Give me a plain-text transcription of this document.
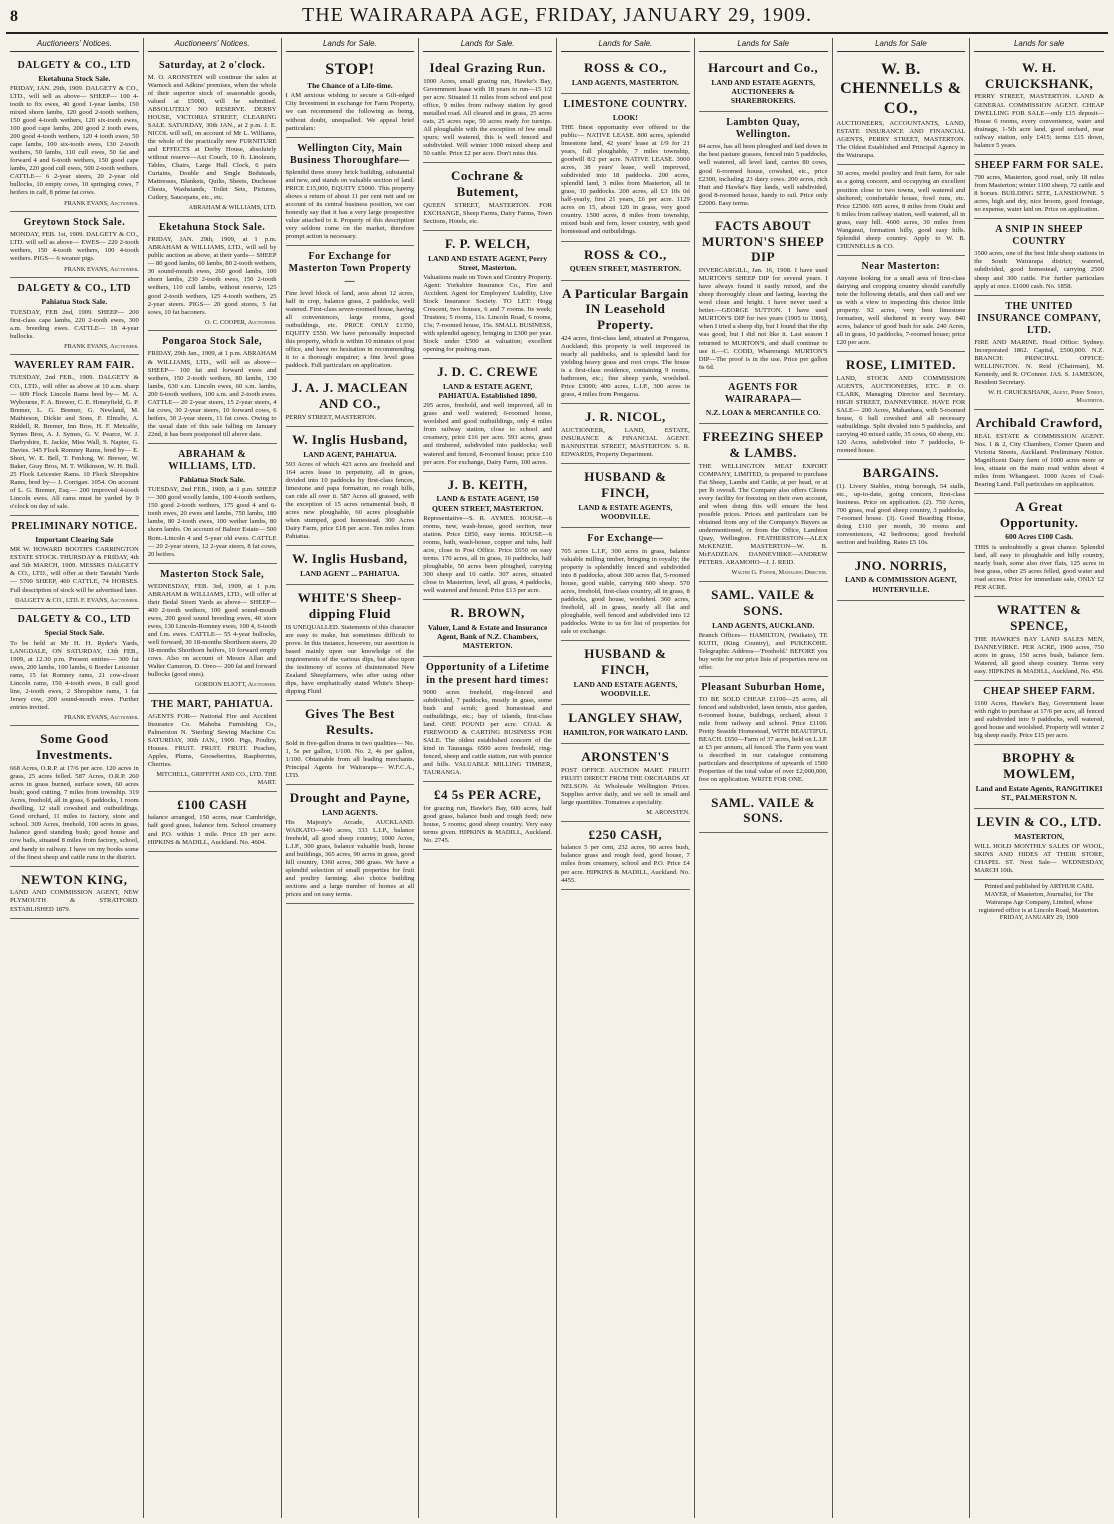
8	THE WAIRARAPA AGE, FRIDAY, JANUARY 29, 1909.
Auctioneers' Notices.
DALGETY & CO., LTD
Eketahuna Stock Sale.
FRIDAY, JAN. 29th, 1909. DALGETY & CO., LTD., will sell as above— SHEEP— 100 4-tooth to fix ewes, 40 good 1-year lambs, 150 mixed shorn lambs, 120 good 2-tooth wethers, 150 good 4-tooth wethers, 120 six-tooth ewes, 100 good cape lambs, 200 good 2 tooth ewes, 200 good 4-tooth wethers, 120 4 tooth ewes, 50 cape lambs, 100 six-tooth ewes, 130 2-tooth wethers, 50 lambs, 110 cull ewes, 50 fat and forward 4 and 6-tooth wethers, 150 good cape lambs, 220 good cull ewes, 500 2-tooth wethers. CATTLE— 6 2-year steers, 20 2-year old bullocks, 10 empty cows, 10 springing cows, 7 heifers in calf, 8 prime fat cows.
FRANK EVANS, Auctioneer.
Greytown Stock Sale.
MONDAY, FEB. 1st, 1909. DALGETY & CO., LTD. will sell as above— EWES— 220 2-tooth wethers, 150 4-tooth wethers, 100 4-tooth wethers. PIGS— 6 weaner pigs.
FRANK EVANS, Auctioneer.
DALGETY & CO., LTD
Pahiatua Stock Sale.
TUESDAY, FEB 2nd, 1909. SHEEP— 200 first-class cape lambs, 220 2-tooth ewes, 300 a.m. breeding ewes. CATTLE— 18 4-year bullocks.
FRANK EVANS, Auctioneer.
WAVERLEY RAM FAIR.
TUESDAY, 2nd FEB., 1909. DALGETY & CO., LTD., will offer as above at 10 a.m. sharp— 609 Flock Lincoln Rams bred by— M. A. Wybourne, F. A. Brewer, C. E. Honeyfield, G. P. Bremer, L. G. Bremer, G. Newland, M. Mathieson, Dickie and Sons, F. Elmslie, A. Riddell, R. Bremer, Inn Bros, H. F. Metcalfe, Symes Bros, A. J. Symes, G. V. Pearce, W. J. Darbyshire, E. Jackie, Miss Wall, S. Napier, G. Davies. 345 Flock Romney Rams, bred by— E. Short, W. E. Bell, T. Fenlong, W. Brewer, W. Baker, Gray Bros, M. T. Wilkinson, W. H. Bull. 25 Flock Leicester Rams. 10 Flock Shropshire Rams, bred by— J. Corrigan. 1054. On account of L. G. Bremer, Esq.— 200 improved 4-tooth Lincoln ewes. All rams must be yarded by 9 o'clock on day of sale.
PRELIMINARY NOTICE.
Important Clearing Sale
MR W. HOWARD BOOTH'S CARRINGTON ESTATE STOCK. THURSDAY & FRIDAY, 4th and 5th MARCH, 1909. MESSRS DALGETY & CO., LTD., will offer at their Taratahi Yards— 5700 SHEEP, 460 CATTLE, 74 HORSES. Full description of stock will be advertised later.
DALGETY & CO., LTD. F. EVANS, Auctioneer.
DALGETY & CO., LTD
Special Stock Sale.
To be held at Mr H. H. Ryder's Yards, LANGDALE, ON SATURDAY, 13th FEB., 1909, at 12.30 p.m. Present entries— 300 fat ewes, 200 lambs, 100 lambs, 6 Border Leicester rams, 15 fat Romney rams, 21 cow-closer Lincoln rams, 150 4-tooth ewes, 8 cull good line, 2-tooth ewes, 2 Shropshire rams, 1 fat Jersey cow, 200 sound-mouth ewes. Further entries invited.
FRANK EVANS, Auctioneer.
Some Good Investments.
668 Acres, O.R.P. at 17/6 per acre. 120 acres in grass, 25 acres felled. 587 Acres, O.R.P. 260 acres in grass burned, surface sown, 60 acres bush; good cutting, 7 miles from township. 319 Acres, freehold, all in grass, 6 paddocks, 1 room dwelling, 12 stall cowshed and outbuildings. Good orchard, 11 miles to factory, store and school. 309 Acres, freehold, 100 acres in grass, balance good standing bush; good house and cow bails, situated 8 miles from factory, school, and handy to railway. I have on my books some of the finest sheep and cattle runs in the district.
NEWTON KING,
LAND AND COMMISSION AGENT, NEW PLYMOUTH & STRATFORD. ESTABLISHED 1879.
Auctioneers' Notices.
Saturday, at 2 o'clock.
M. O. ARONSTEN will continue the sales at Warnock and Adkins' premises, when the whole of their superior stock of seasonable goods, valued at £5000, will be submitted. ABSOLUTELY NO RESERVE. DERBY HOUSE, VICTORIA STREET, CLEARING SALE. SATURDAY, 30th JAN., at 2 p.m. J. E. NICOL will sell, on account of Mr L. Williams, the whole of the practically new FURNITURE and EFFECTS at Derby House, absolutely without reserve—Axt Couch, 10 ft. Linoleum, Tables, Chairs, Large Hall Clock, 6 pairs Curtains, Double and Single Bedsteads, Mattresses, Blankets, Quilts, Sheets, Duchesse Chests, Washstands, Toilet Sets, Pictures, Cutlery, Saucepans, etc., etc.
ABRAHAM & WILLIAMS, LTD.
Eketahuna Stock Sale.
FRIDAY, JAN. 29th, 1909, at 1 p.m. ABRAHAM & WILLIAMS, LTD., will sell by public auction as above, at their yards— SHEEP— 80 good lambs, 60 lambs, 80 2-tooth wethers, 30 sound-mouth ewes, 260 good lambs, 100 shorn lambs, 230 2-tooth ewes, 150 2-tooth wethers, 110 cull lambs, without reserve, 125 good 2-tooth wethers, 125 4-tooth wethers, 25 2-year steers. PIGS— 20 good stores, 5 fat sows, 10 fat baconers.
O. C. COOPER, Auctioneer.
Pongaroa Stock Sale,
FRIDAY, 29th Jan., 1909, at 1 p.m. ABRAHAM & WILLIAMS, LTD., will sell as above— SHEEP— 100 fat and forward ewes and wethers, 150 2-tooth wethers, 80 lambs, 130 lambs, 630 s.m. Lincoln ewes, 60 s.m. lambs, 200 6-tooth wethers, 100 s.m. and 2-tooth ewes. CATTLE— 20 2-year steers, 15 2-year steers, 4 fat cows, 30 2-year steers, 10 forward cows, 6 heifers, 30 2-year steers, 11 fat cows. Owing to the usual date of this sale falling on January 22nd, it has been postponed till above date.
ABRAHAM & WILLIAMS, LTD.
Pahiatua Stock Sale.
TUESDAY, 2nd FEB., 1909, at 1 p.m. SHEEP— 300 good woolly lambs, 100 4-tooth wethers, 150 good 2-tooth wethers, 175 good 4 and 6-tooth ewes, 20 ewes and lambs, 750 lambs, 180 lambs, 80 2-tooth ewes, 100 wether lambs, 80 shorn lambs. On account of Balnor Estate— 500 Rom.-Lincoln 4 and 5-year old ewes. CATTLE— 20 2-year steers, 12 2-year steers, 8 fat cows, 20 heifers.
Masterton Stock Sale,
WEDNESDAY, FEB. 3rd, 1909, at 1 p.m. ABRAHAM & WILLIAMS, LTD., will offer at their Bedal Street Yards as above— SHEEP— 400 2-tooth wethers, 100 good sound-mouth ewes, 200 good sound breeding ewes, 40 store ewes, 130 Lincoln-Romney ewes, 100 4, 6-tooth and f.m. ewes. CATTLE— 55 4-year bullocks, well forward, 30 18-months Shorthorn steers, 20 18-months Shorthorn heifers, 10 forward empty cows. Also on account of Messrs Allan and Walter Cameron, D. Oreo— 200 fat and forward bullocks (good ones).
GORDON ELIOTT, Auctioneer.
THE MART, PAHIATUA.
AGENTS FOR— National Fire and Accident Insurance Co. Mahoba Furnishing Co., Palmerston N. 'Sterling' Sewing Machine Co. SATURDAY, 30th JAN., 1909. Pigs, Poultry, Houses. FRUIT. FRUIT. FRUIT. Peaches, Apples, Plums, Gooseberries, Raspberries, Cherries.
MITCHELL, GRIFFITH AND CO., LTD. THE MART.
£100 CASH
balance arranged, 150 acres, near Cambridge, half good grass, balance fern. School creamery and P.O. within 1 mile. Price £9 per acre. HIPKINS & MADILL, Auckland. No. 4604.
Lands for Sale.
STOP!
The Chance of a Life-time.
I AM anxious wishing to secure a Gilt-edged City Investment in exchange for Farm Property, we can recommend the following as being, without doubt, unequalled. We appeal brief particulars:
Wellington City, Main Business Thoroughfare—
Splendid three storey brick building, substantial and new, and stands on valuable section of land. PRICE £15,000, EQUITY £5000. This property shows a return of about 11 per cent nett and on account of its central business position, we can honestly say that it has a very large prospective value attached to it. Property of this description very seldom come on the market, therefore prompt action is necessary.
For Exchange for Masterton Town Property—
Fine level block of land, area about 12 acres, half in crop, balance grass, 2 paddocks, well watered. First-class seven-roomed house, having all conveniences, large rooms, good outbuildings, etc. PRICE ONLY £1350, EQUITY £550. We have personally inspected this property, which is within 10 minutes of post office, and have no hesitation in recommending it to a thorough enquirer; a fine level grass paddock. Full particulars on application.
J. A. J. MACLEAN AND CO.,
PERRY STREET, MASTERTON.
W. Inglis Husband,
LAND AGENT, PAHIATUA.
593 Acres of which 423 acres are freehold and 164 acres lease in perpetuity, all in grass, divided into 10 paddocks by first-class fences, limestone and papa formation, no rough hills, can ride all over it. 587 Acres all grassed, with the exception of 15 acres ornamental bush, 8 acres new ploughable, 60 acres ploughable when stumped, good homestead. 300 Acres Dairy Farm, price £18 per acre. Ten miles from Pahiatua.
W. Inglis Husband,
LAND AGENT ... PAHIATUA.
WHITE'S Sheep-dipping Fluid
IS UNEQUALLED. Statements of this character are easy to make, but sometimes difficult to prove. In this instance, however, our assertion is based mainly upon our knowledge of the requirements of the various dips, but also upon the testimony of scores of disinterested New Zealand Sheepfarmers, who after using other dips, have emphatically stated White's Sheep-dipping Fluid
Gives The Best Results.
Sold in five-gallon drums in two qualities— No. 1, 5s per gallon, 1/100. No. 2, 4s per gallon, 1/100. Obtainable from all leading merchants. Principal Agents for Wairarapa— W.F.C.A., LTD.
Drought and Payne,
LAND AGENTS.
His Majesty's Arcade, AUCKLAND. WAIKATO—940 acres, 333 L.I.P., balance freehold, all good sheep country, 1000 Acres, L.I.P., 300 grass, balance valuable bush, house and buildings, 365 acres, 90 acres in grass, good hill country, 1360 acres, 380 grass. We have a splendid selection of small properties for fruit and poultry farming; also choice building sections and a large number of homes at all prices and on easy terms.
Lands for Sale.
Ideal Grazing Run.
1000 Acres, small grazing run, Hawke's Bay, Government lease with 18 years to run—15 1/2 per acre. Situated 11 miles from school and post office, 9 miles from railway station by good metalled road. All cleared and in grass, 25 acres oats, 25 acres rape, 50 acres ready for turnips. All ploughable with the exception of few small spurs; well watered, this is well fenced and subdivided. Will winter 1000 mixed sheep and 50 cattle. Price £2 per acre. Don't miss this.
Cochrane & Butement,
QUEEN STREET, MASTERTON. FOR EXCHANGE, Sheep Farms, Dairy Farms, Town Sections, Hotels, etc.
F. P. WELCH,
LAND AND ESTATE AGENT, Perry Street, Masterton.
Valuations made on Town and Country Property. Agent: Yorkshire Insurance Co., Fire and Accident. Agent for Employers' Liability, Live Stock Insurance Society. TO LET: Hogg Crescent, two houses, 6 and 7 rooms. Its week; Trustees; 5 rooms, 11s. Lincoln Road, 6 rooms, 13s; 7-roomed house, 15s. SMALL BUSINESS, with splendid agency, bringing in £300 per year. Stock under £500 at valuation; excellent opening for pushing man.
J. D. C. CREWE
LAND & ESTATE AGENT, PAHIATUA. Established 1890.
295 acres, freehold, and well improved, all in grass and well watered; 6-roomed house, woolshed and good outbuildings, only 4 miles from railway station, close to school and creamery, price £16 per acre. 593 acres, grass and timbered, subdivided into paddocks; well watered and fenced, 8-roomed house; price £10 per acre. For exchange, Dairy Farm, 100 acres.
J. B. KEITH,
LAND & ESTATE AGENT, 150 QUEEN STREET, MASTERTON.
Representative—S. R. AYMES. HOUSE—6 rooms, new, wash-house, good section, near station. Price £850, easy terms. HOUSE—6 rooms, bath, wash-house, copper and tubs, half acre, close to Post Office. Price £650 on easy terms. 170 acres, all in grass, 16 paddocks, half ploughable, 50 acres been ploughed, carrying 300 sheep and 10 cattle. 307 acres, situated close to Masterton, level, all grass, 4 paddocks, well watered and fenced. Price £13 per acre.
R. BROWN,
Valuer, Land & Estate and Insurance Agent, Bank of N.Z. Chambers, MASTERTON.
Opportunity of a Lifetime in the present hard times:
9000 acres freehold, ring-fenced and subdivided, 7 paddocks, mostly in grass, some bush and scrub; good homestead and outbuildings, etc.; bay of islands, first-class land. ONE POUND per acre. COAL & FIREWOOD & CARTING BUSINESS FOR SALE. The oldest established concern of the kind in Taurauga. 6500 acres freehold, ring-fenced, sheep and cattle station, run with pumice and hills. VALUABLE MILLING TIMBER, TAURANGA.
£4 5s PER ACRE,
for grazing run, Hawke's Bay, 600 acres, half good grass, balance bush and rough feed; new house, 5 rooms; good sheep country. Very easy terms given. HIPKINS & MADILL, Auckland. No. 2745.
Lands for Sale.
ROSS & CO.,
LAND AGENTS, MASTERTON.
LIMESTONE COUNTRY.
LOOK!
THE finest opportunity ever offered to the public— NATIVE LEASE. 800 acres, splendid limestone land, 42 years' lease at 1/9 for 21 years, full ploughable, 7 miles township, goodwill 8/2 per acre. NATIVE LEASE. 3000 acres, 38 years' lease, well improved, subdivided into 18 paddocks. 200 acres, splendid land, 3 miles from Masterton, all in grass, 10 paddocks. 200 acres, all £3 10s 0d half-yearly, first 21 years, £6 per acre. 1129 acres on 15, about 120 in grass, very good country. 1500 acres, 8 miles from township, mixed bush and fern, lower country, with good homestead and outbuildings.
ROSS & CO.,
QUEEN STREET, MASTERTON.
A Particular Bargain IN Leasehold Property.
424 acres, first-class land, situated at Pongaroa, Auckland; this property is well improved in nearly all paddocks, and is splendid land for yielding heavy grass and root crops. The house is a first-class residence, containing 9 rooms, bathroom, etc.; fine sheep yards, woolshed. Price £3000; 400 acres, L.I.P., 300 acres in grass, 4 miles from Pongaroa.
J. R. NICOL,
AUCTIONEER, LAND, ESTATE, INSURANCE & FINANCIAL AGENT. BANNISTER STREET, MASTERTON. S. R. EDWARDS, Property Department.
HUSBAND & FINCH,
LAND & ESTATE AGENTS, WOODVILLE.
For Exchange—
705 acres L.I.P., 300 acres in grass, balance valuable milling timber, bringing in royalty; the property is splendidly fenced and subdivided into 8 paddocks, about 300 acres flat, 5-roomed house, good stable, carrying 600 sheep. 570 acres, freehold, first-class country, all in grass, 8 paddocks, good house, woolshed. 360 acres, freehold, all in grass, nearly all flat and ploughable, well fenced and subdivided into 12 paddocks. Write to us for list of properties for sale or exchange.
HUSBAND & FINCH,
LAND AND ESTATE AGENTS, WOODVILLE.
LANGLEY SHAW,
HAMILTON, FOR WAIKATO LAND.
ARONSTEN'S
POST OFFICE AUCTION MART. FRUIT! FRUIT! DIRECT FROM THE ORCHARDS AT NELSON. At Wholesale Wellington Prices. Supplies arrive daily, and we sell in small and large quantities. Tomatoes a speciality.
M. ARONSTEN.
£250 CASH,
balance 5 per cent, 232 acres, 90 acres bush, balance grass and rough feed, good house, 7 miles from creamery, school and P.O. Price £4 per acre. HIPKINS & MADILL, Auckland. No. 4455.
Lands for Sale
Harcourt and Co.,
LAND AND ESTATE AGENTS, AUCTIONEERS & SHAREBROKERS.
Lambton Quay, Wellington.
84 acres, has all been ploughed and laid down in the best pasture grasses, fenced into 5 paddocks, well watered, all level land, carries 80 cows, good 6-roomed house, cowshed, etc., price £2300, including 23 dairy cows. 200 acres, rich Hutt and Hawke's Bay lands, well subdivided, good 8-roomed house, handy to rail. Price only £2000. Easy terms.
FACTS ABOUT MURTON'S SHEEP DIP
INVERCARGILL, Jan. 16, 1908. I have used MURTON'S SHEEP DIP for several years. I have always found it easily mixed, and the sheep thoroughly clean and lasting, leaving the wool clean and bright. I have never used a better.—GEORGE SUTTON. I have used MURTON'S DIP for two years (1905 to 1906), when I tried a sheep dip, but I found that the dip was good, but I did not like it. Last season I returned to MURTON'S, and shall continue to use it.—C. CODD, Wharerangi. MURTON'S DIP—The proof is in the use. Price per gallon 6s 6d.
AGENTS FOR WAIRARAPA—
N.Z. LOAN & MERCANTILE CO.
FREEZING SHEEP & LAMBS.
THE WELLINGTON MEAT EXPORT COMPANY, LIMITED, is prepared to purchase Fat Sheep, Lambs and Cattle, at per head, or at per lb overall. The Company also offers Clients every facility for freezing on their own account, and when doing this will ensure the best possible prices. Prices and particulars can be obtained from any of the Company's Buyers as undermentioned, or from the Office, Lambton Quay, Wellington. FEATHERSTON—ALEX McKENZIE. MASTERTON—W. B. McFADZEAN. DANNEVIRKE—ANDREW PETERS. ARAMOHO—J. J. REID.
Walter G. Foster, Managing Director.
SAML. VAILE & SONS.
LAND AGENTS, AUCKLAND.
Branch Offices— HAMILTON, (Waikato), TE KUITI, (King Country), and PUKEKOHE. Telegraphic Address—'Freehold.' BEFORE you buy write for our price lists of properties now on offer.
Pleasant Suburban Home,
TO BE SOLD CHEAP. £1100—25 acres, all fenced and subdivided, lawn tennis, nice garden, 6-roomed house, buildings, orchard, about 1 mile from railway and school. Price £1100. Pretty Seaside Homestead, WITH BEAUTIFUL BEACH. £650—Farm of 37 acres, held on L.I.P. at £3 per annum, all fenced. The Farm you want is described in our catalogue containing particulars and descriptions of upwards of 1500 Properties of the total value of over £2,000,000, free on application. WRITE FOR ONE.
SAML. VAILE & SONS.
Lands for Sale
W. B. CHENNELLS & CO.,
AUCTIONEERS, ACCOUNTANTS, LAND, ESTATE INSURANCE AND FINANCIAL AGENTS, PERRY STREET, MASTERTON. The Oldest Established and Principal Agency in the Wairarapa.
30 acres, model poultry and fruit farm, for sale as a going concern, and occupying an excellent position close to two towns, well watered and sheltered; comfortable house, fowl runs, etc. Price £2500. 695 acres, 8 miles from Otaki and 6 miles from railway station, well watered, all in grass, easy hill. 4600 acres, 30 miles from Wanganui, formation hilly, good easy hills. Splendid sheep country. Apply to W. B. CHENNELLS & CO.
Near Masterton:
Anyone looking for a small area of first-class dairying and cropping country should carefully note the following details, and then call and see us with a view to inspecting this choice little property. 92 acres, very best limestone formation, well sheltered in every way. 840 acres, balance of good bush for sale. 240 Acres, all in grass, 10 paddocks, 7-roomed house; price £20 per acre.
ROSE, LIMITED.
LAND, STOCK AND COMMISSION AGENTS, AUCTIONEERS, ETC. P. O. CLARK, Managing Director and Secretary. HIGH STREET, DANNEVIRKE. HAVE FOR SALE— 200 Acres, Mahanhara, with 5-roomed house, 6 ball cowshed and all necessary outbuildings. Split divided into 5 paddocks, and carrying 40 mixed cattle, 35 cows, 60 sheep, etc. 120 Acres, subdivided into 7 paddocks, 6-roomed house.
BARGAINS.
(1). Livery Stables, rising borough, 54 stalls, etc., up-to-date, going concern, first-class business. Price on application. (2). 750 Acres, 700 grass, real good sheep country, 3 paddocks, 7-roomed house. (3). Good Boarding House, doing £110 per month, 30 rooms and conveniences, 42 bedrooms; good freehold section and building. Rates £5 10s.
JNO. NORRIS,
LAND & COMMISSION AGENT, HUNTERVILLE.
Lands for sale
W. H. CRUICKSHANK,
PERRY STREET, MASTERTON. LAND & GENERAL COMMISSION AGENT. CHEAP DWELLING FOR SALE—only £15 deposit—House 6 rooms, every convenience, water and drainage, 1-5th acre land, good orchard, near railway station, only £415; terms £15 down, balance 5 years.
SHEEP FARM FOR SALE.
790 acres, Masterton, good road, only 18 miles from Masterton; winter 1100 sheep, 72 cattle and 8 horses. BUILDING SITE, LANSDOWNE. 5 acres, high and dry, nice broom, good frontage, no expense, water laid on. Price on application.
A SNIP IN SHEEP COUNTRY
3500 acres, one of the best little sheep stations in the South Wairarapa district; watered, subdivided, good homestead, carrying 2500 sheep and 300 cattle. For further particulars apply at once. £1000 cash. No. 1858.
THE UNITED INSURANCE COMPANY, LTD.
FIRE AND MARINE. Head Office: Sydney. Incorporated 1862. Capital, £500,000. N.Z. BRANCH: PRINCIPAL OFFICE: WELLINGTON. N. Reid (Chairman), M. Kennedy, and R. O'Connor. JAS. S. JAMESON, Resident Secretary.
W. H. CRUICKSHANK, Agent, Perry Street, Masterton.
Archibald Crawford,
REAL ESTATE & COMMISSION AGENT. Nos. 1 & 2, City Chambers, Corner Queen and Victoria Streets, Auckland. Preliminary Notice. Magnificent Dairy farm of 1000 acres more or less, situate on the main road within about 4 miles from Whangarei. 1000 Acres of Coal-Bearing Land. Full particulars on application.
A Great Opportunity.
600 Acres £100 Cash.
THIS is undoubtedly a great chance. Splendid land, all easy to ploughable and hilly country, nearly bush, some also river flats, 125 acres in best grass, other 25 acres felled, good water and road access. Price for immediate sale, ONLY £2 PER ACRE.
WRATTEN & SPENCE,
THE HAWKE'S BAY LAND SALES MEN, DANNEVIRKE. PER ACRE, 1900 acres, 750 acres in grass, 150 acres bush, balance fern. Watered, all good sheep country. Terms very easy. HIPKINS & MADILL, Auckland, No. 456.
CHEAP SHEEP FARM.
1160 Acres, Hawke's Bay, Government lease with right to purchase at 17/6 per acre, all fenced and subdivided into 9 paddocks, well watered, good house and woolshed. Property will winter 2 big sheep easily. Price £15 per acre.
BROPHY & MOWLEM,
Land and Estate Agents, RANGITIKEI ST., PALMERSTON N.
LEVIN & CO., LTD.
MASTERTON,
WILL HOLD MONTHLY SALES OF WOOL, SKINS AND HIDES AT THEIR STORE, CHAPEL ST. Next Sale— WEDNESDAY, MARCH 10th.
Printed and published by ARTHUR CARL MAYER, of Masterton, Journalist, for The Wairarapa Age Company, Limited, whose registered office is at Lincoln Road, Masterton. FRIDAY, JANUARY 29, 1909
